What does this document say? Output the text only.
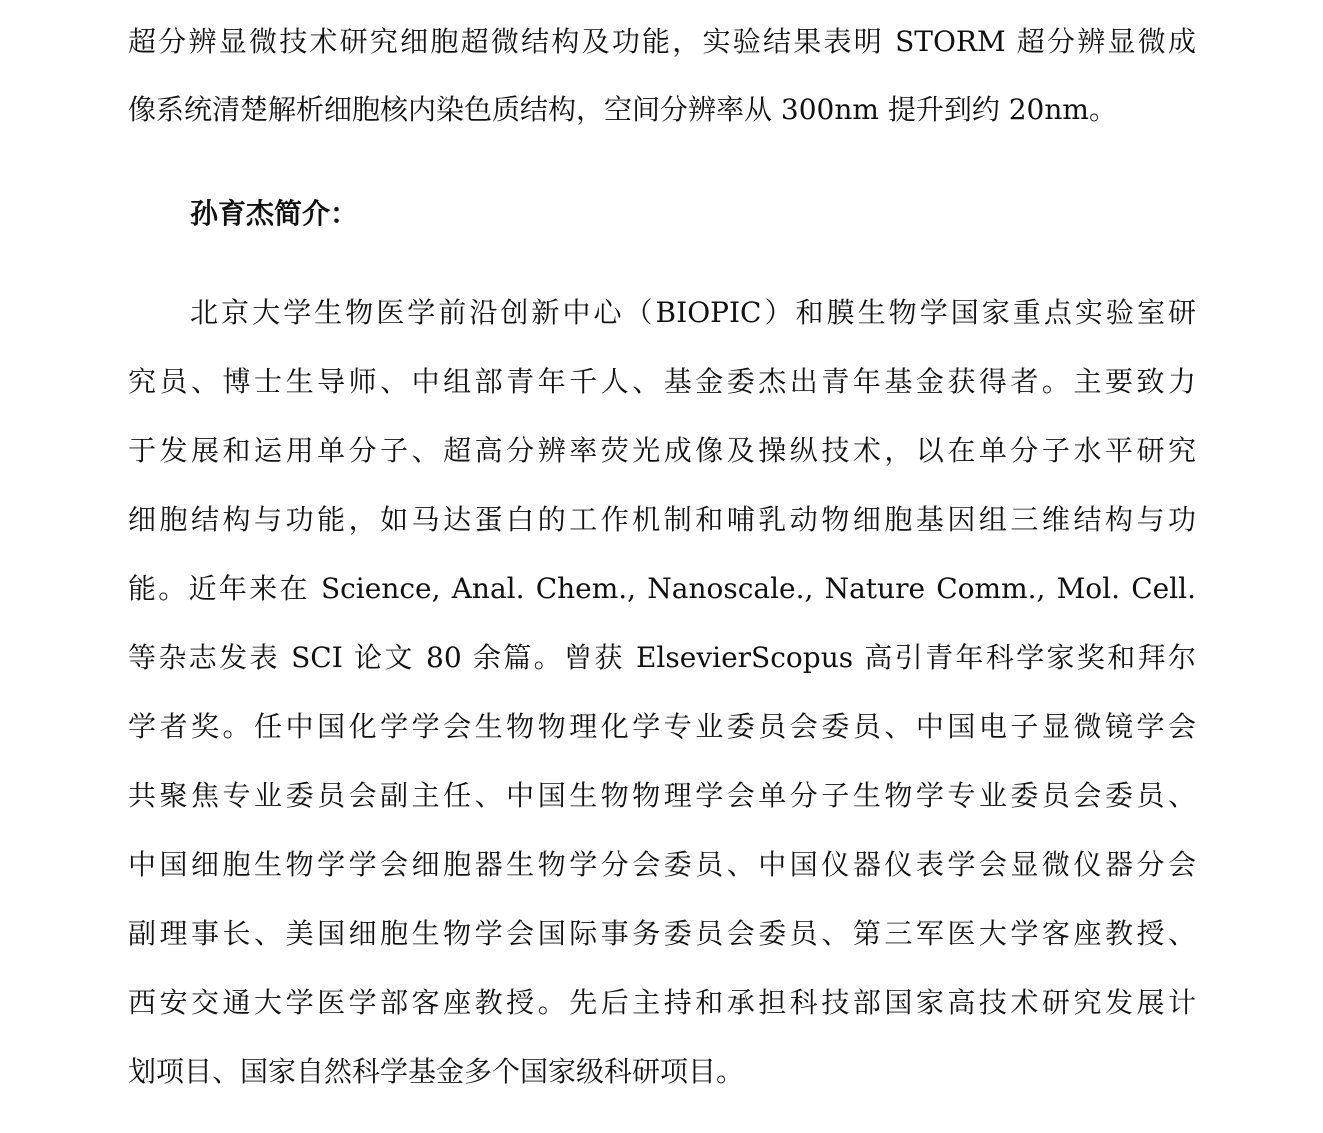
超分辨显微技术研究细胞超微结构及功能，实验结果表明 STORM 超分辨显微成
像系统清楚解析细胞核内染色质结构，空间分辨率从 300nm 提升到约 20nm。
孙育杰简介：
北京大学生物医学前沿创新中心（BIOPIC）和膜生物学国家重点实验室研
究员、博士生导师、中组部青年千人、基金委杰出青年基金获得者。主要致力
于发展和运用单分子、超高分辨率荧光成像及操纵技术，以在单分子水平研究
细胞结构与功能，如马达蛋白的工作机制和哺乳动物细胞基因组三维结构与功
能。近年来在 Science, Anal. Chem., Nanoscale., Nature Comm., Mol. Cell.
等杂志发表 SCI 论文 80 余篇。曾获 ElsevierScopus 高引青年科学家奖和拜尔
学者奖。任中国化学学会生物物理化学专业委员会委员、中国电子显微镜学会
共聚焦专业委员会副主任、中国生物物理学会单分子生物学专业委员会委员、
中国细胞生物学学会细胞器生物学分会委员、中国仪器仪表学会显微仪器分会
副理事长、美国细胞生物学会国际事务委员会委员、第三军医大学客座教授、
西安交通大学医学部客座教授。先后主持和承担科技部国家高技术研究发展计
划项目、国家自然科学基金多个国家级科研项目。
